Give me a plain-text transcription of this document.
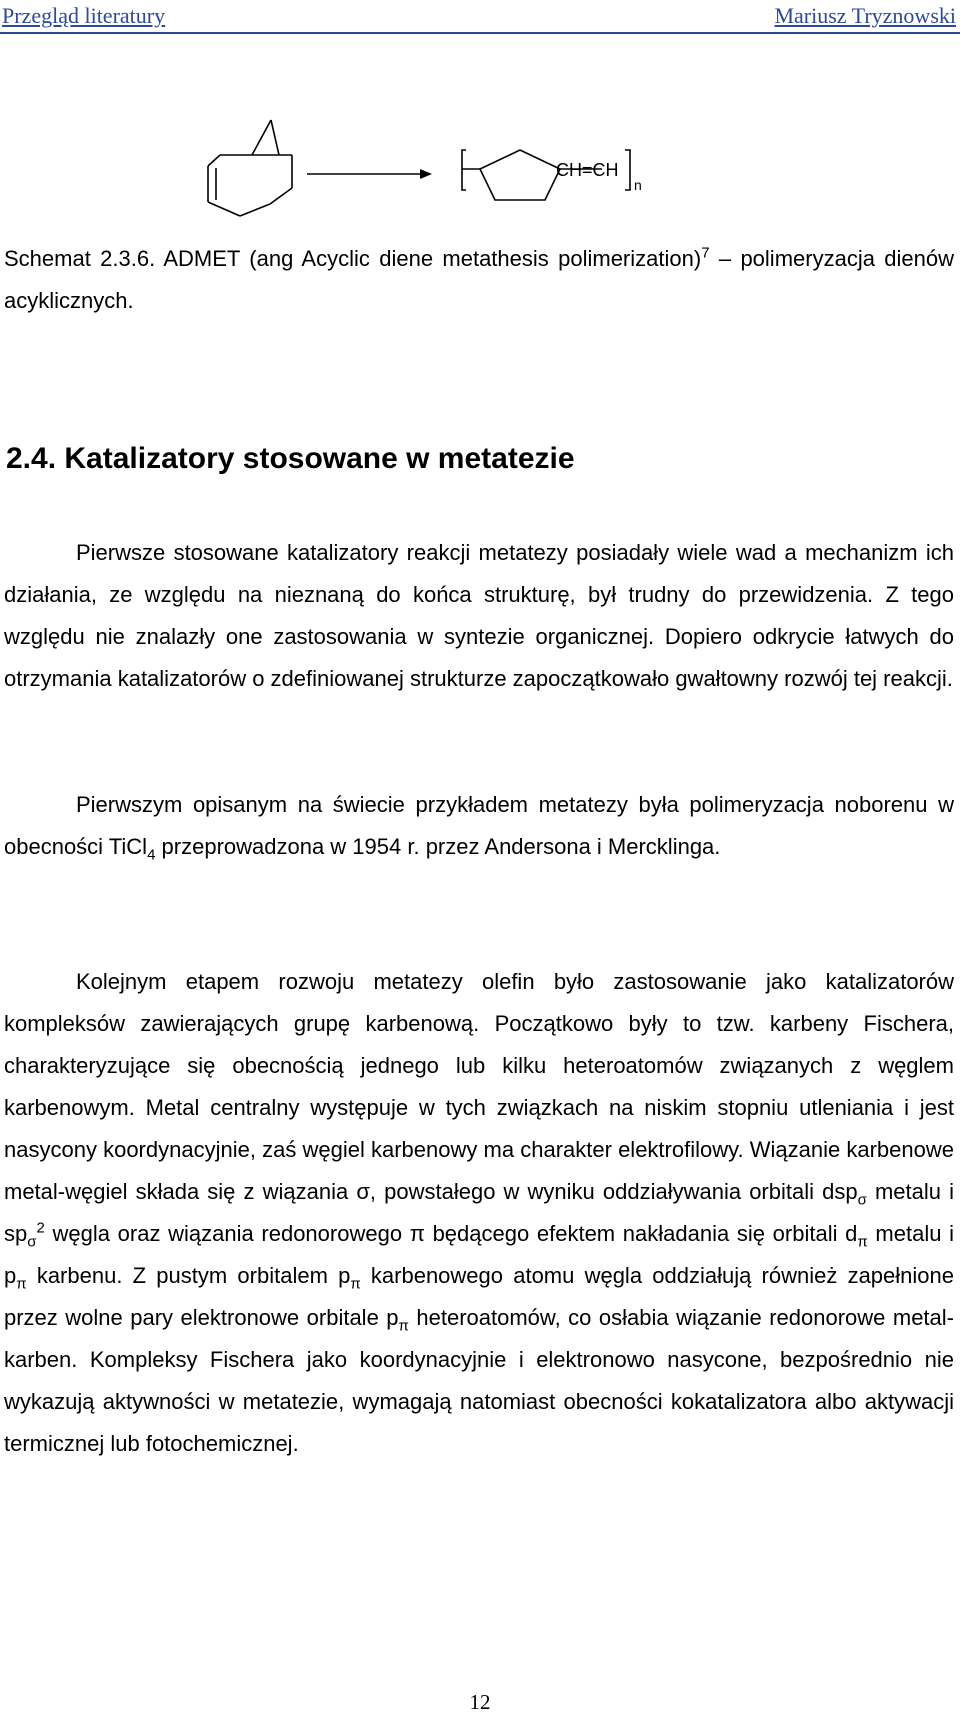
Przegląd literatury	Mariusz Tryznowski
CH=CH
n
Schemat 2.3.6. ADMET (ang Acyclic diene metathesis polimerization)$^7$ – polimeryzacja dienów acyklicznych.
2.4. Katalizatory stosowane w metatezie
Pierwsze stosowane katalizatory reakcji metatezy posiadały wiele wad a mechanizm ich działania, ze względu na nieznaną do końca strukturę, był trudny do przewidzenia. Z tego względu nie znalazły one zastosowania w syntezie organicznej. Dopiero odkrycie łatwych do otrzymania katalizatorów o zdefiniowanej strukturze zapoczątkowało gwałtowny rozwój tej reakcji.
Pierwszym opisanym na świecie przykładem metatezy była polimeryzacja noborenu w obecności TiCl$_4$ przeprowadzona w 1954 r. przez Andersona i Mercklinga.
Kolejnym etapem rozwoju metatezy olefin było zastosowanie jako katalizatorów kompleksów zawierających grupę karbenową. Początkowo były to tzw. karbeny Fischera, charakteryzujące się obecnością jednego lub kilku heteroatomów związanych z węglem karbenowym. Metal centralny występuje w tych związkach na niskim stopniu utleniania i jest nasycony koordynacyjnie, zaś węgiel karbenowy ma charakter elektrofilowy. Wiązanie karbenowe metal-węgiel składa się z wiązania σ, powstałego w wyniku oddziaływania orbitali dsp$_\sigma$ metalu i $sp_\sigma^2$ węgla oraz wiązania redonorowego π będącego efektem nakładania się orbitali $d_\pi$ metalu i $p_\pi$ karbenu. Z pustym orbitalem $p_\pi$ karbenowego atomu węgla oddziałują również zapełnione przez wolne pary elektronowe orbitale $p_\pi$ heteroatomów, co osłabia wiązanie redonorowe metal-karben. Kompleksy Fischera jako koordynacyjnie i elektronowo nasycone, bezpośrednio nie wykazują aktywności w metatezie, wymagają natomiast obecności kokatalizatora albo aktywacji termicznej lub fotochemicznej.
12
